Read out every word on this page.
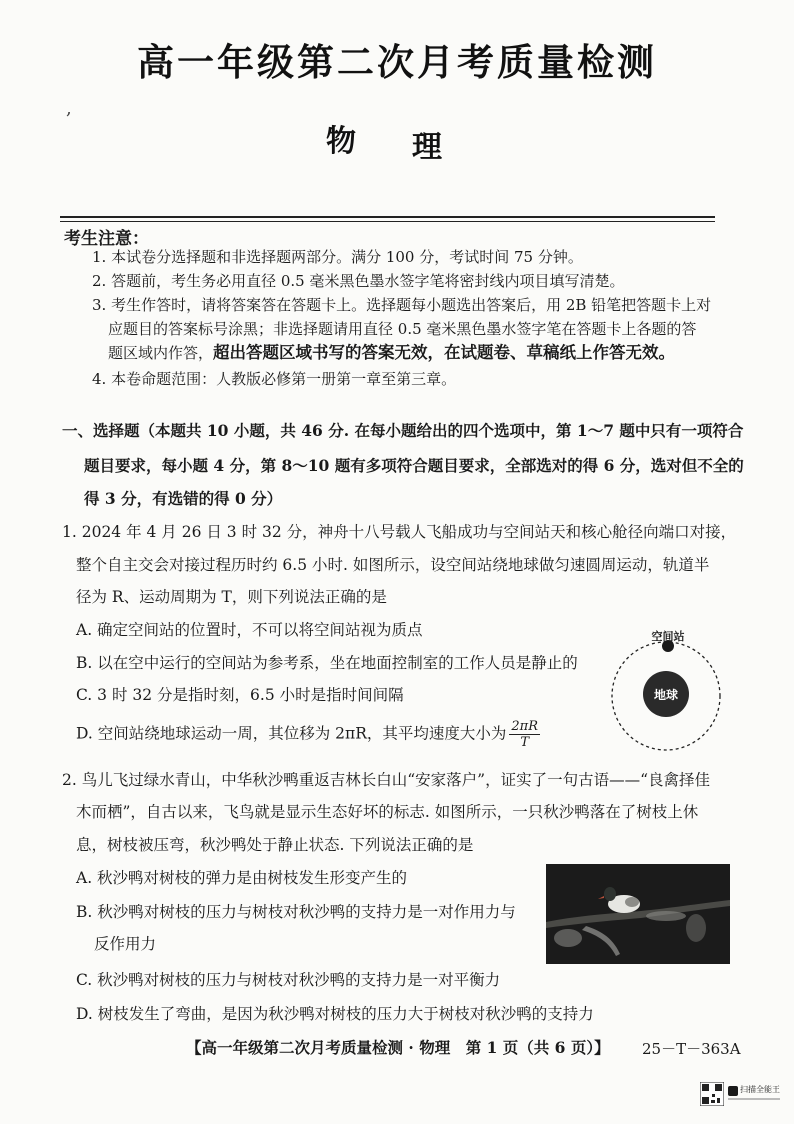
高一年级第二次月考质量检测
,
物 理
考生注意：
1. 本试卷分选择题和非选择题两部分。满分 100 分，考试时间 75 分钟。
2. 答题前，考生务必用直径 0.5 毫米黑色墨水签字笔将密封线内项目填写清楚。
3. 考生作答时，请将答案答在答题卡上。选择题每小题选出答案后，用 2B 铅笔把答题卡上对
应题目的答案标号涂黑；非选择题请用直径 0.5 毫米黑色墨水签字笔在答题卡上各题的答
题区域内作答，超出答题区域书写的答案无效，在试题卷、草稿纸上作答无效。
4. 本卷命题范围：人教版必修第一册第一章至第三章。
一、选择题（本题共 10 小题，共 46 分. 在每小题给出的四个选项中，第 1～7 题中只有一项符合
题目要求，每小题 4 分，第 8～10 题有多项符合题目要求，全部选对的得 6 分，选对但不全的
得 3 分，有选错的得 0 分）
1. 2024 年 4 月 26 日 3 时 32 分，神舟十八号载人飞船成功与空间站天和核心舱径向端口对接，
整个自主交会对接过程历时约 6.5 小时. 如图所示，设空间站绕地球做匀速圆周运动，轨道半
径为 R、运动周期为 T，则下列说法正确的是
A. 确定空间站的位置时，不可以将空间站视为质点
B. 以在空中运行的空间站为参考系，坐在地面控制室的工作人员是静止的
C. 3 时 32 分是指时刻，6.5 小时是指时间间隔
D. 空间站绕地球运动一周，其位移为 2πR，其平均速度大小为 $\frac{2\pi R}{T}$
空间站
地球
2. 鸟儿飞过绿水青山，中华秋沙鸭重返吉林长白山“安家落户”，证实了一句古语——“良禽择佳
木而栖”，自古以来，飞鸟就是显示生态好坏的标志. 如图所示，一只秋沙鸭落在了树枝上休
息，树枝被压弯，秋沙鸭处于静止状态. 下列说法正确的是
A. 秋沙鸭对树枝的弹力是由树枝发生形变产生的
B. 秋沙鸭对树枝的压力与树枝对秋沙鸭的支持力是一对作用力与
反作用力
C. 秋沙鸭对树枝的压力与树枝对秋沙鸭的支持力是一对平衡力
D. 树枝发生了弯曲，是因为秋沙鸭对树枝的压力大于树枝对秋沙鸭的支持力
【高一年级第二次月考质量检测 · 物理　第 1 页（共 6 页）】 25－T－363A
扫描全能王
